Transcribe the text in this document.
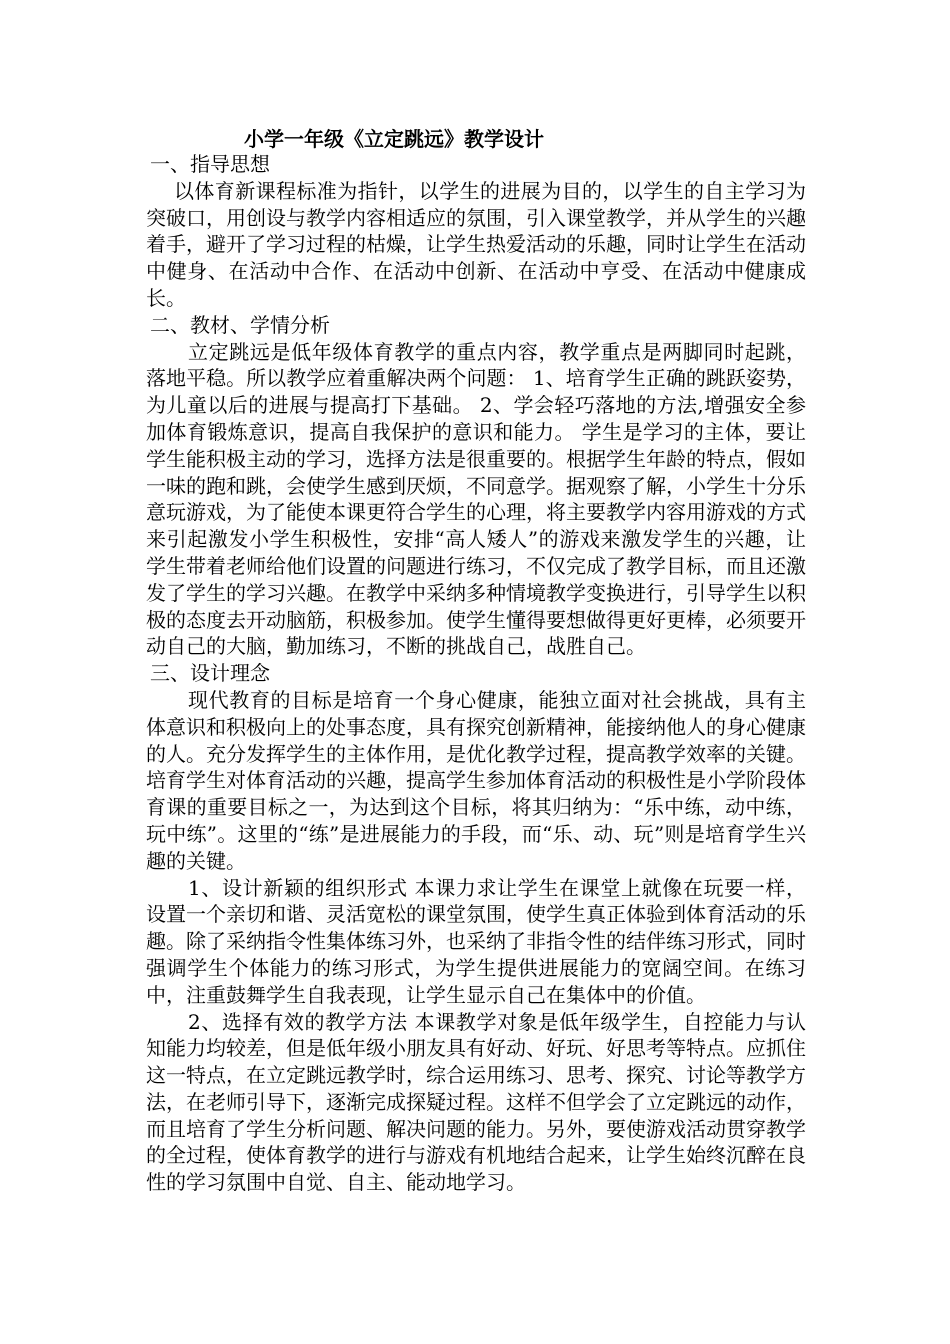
小学一年级《立定跳远》教学设计
一、指导思想

以体育新课程标准为指针，以学生的进展为目的，以学生的自主学习为突破口，用创设与教学内容相适应的氛围，引入课堂教学，并从学生的兴趣着手，避开了学习过程的枯燥，让学生热爱活动的乐趣，同时让学生在活动中健身、在活动中合作、在活动中创新、在活动中亨受、在活动中健康成长。

二、教材、学情分析

立定跳远是低年级体育教学的重点内容，教学重点是两脚同时起跳，落地平稳。所以教学应着重解决两个问题： 1、培育学生正确的跳跃姿势，为儿童以后的进展与提高打下基础。 2、学会轻巧落地的方法,增强安全参加体育锻炼意识，提高自我保护的意识和能力。 学生是学习的主体，要让学生能积极主动的学习，选择方法是很重要的。根据学生年龄的特点，假如一味的跑和跳，会使学生感到厌烦，不同意学。据观察了解，小学生十分乐意玩游戏，为了能使本课更符合学生的心理，将主要教学内容用游戏的方式来引起激发小学生积极性，安排“高人矮人”的游戏来激发学生的兴趣，让学生带着老师给他们设置的问题进行练习，不仅完成了教学目标，而且还激发了学生的学习兴趣。在教学中采纳多种情境教学变换进行，引导学生以积极的态度去开动脑筋，积极参加。使学生懂得要想做得更好更棒，必须要开动自己的大脑，勤加练习，不断的挑战自己，战胜自己。

三、设计理念

现代教育的目标是培育一个身心健康，能独立面对社会挑战，具有主体意识和积极向上的处事态度，具有探究创新精神，能接纳他人的身心健康的人。充分发挥学生的主体作用，是优化教学过程，提高教学效率的关键。培育学生对体育活动的兴趣，提高学生参加体育活动的积极性是小学阶段体育课的重要目标之一，为达到这个目标，将其归纳为：“乐中练，动中练，玩中练”。这里的“练”是进展能力的手段，而“乐、动、玩”则是培育学生兴趣的关键。

1、设计新颖的组织形式 本课力求让学生在课堂上就像在玩要一样，设置一个亲切和谐、灵活宽松的课堂氛围，使学生真正体验到体育活动的乐趣。除了采纳指令性集体练习外，也采纳了非指令性的结伴练习形式，同时强调学生个体能力的练习形式，为学生提供进展能力的宽阔空间。在练习中，注重鼓舞学生自我表现，让学生显示自己在集体中的价值。

2、选择有效的教学方法 本课教学对象是低年级学生，自控能力与认知能力均较差，但是低年级小朋友具有好动、好玩、好思考等特点。应抓住这一特点，在立定跳远教学时，综合运用练习、思考、探究、讨论等教学方法，在老师引导下，逐渐完成探疑过程。这样不但学会了立定跳远的动作，而且培育了学生分析问题、解决问题的能力。另外，要使游戏活动贯穿教学的全过程，使体育教学的进行与游戏有机地结合起来，让学生始终沉醉在良性的学习氛围中自觉、自主、能动地学习。
